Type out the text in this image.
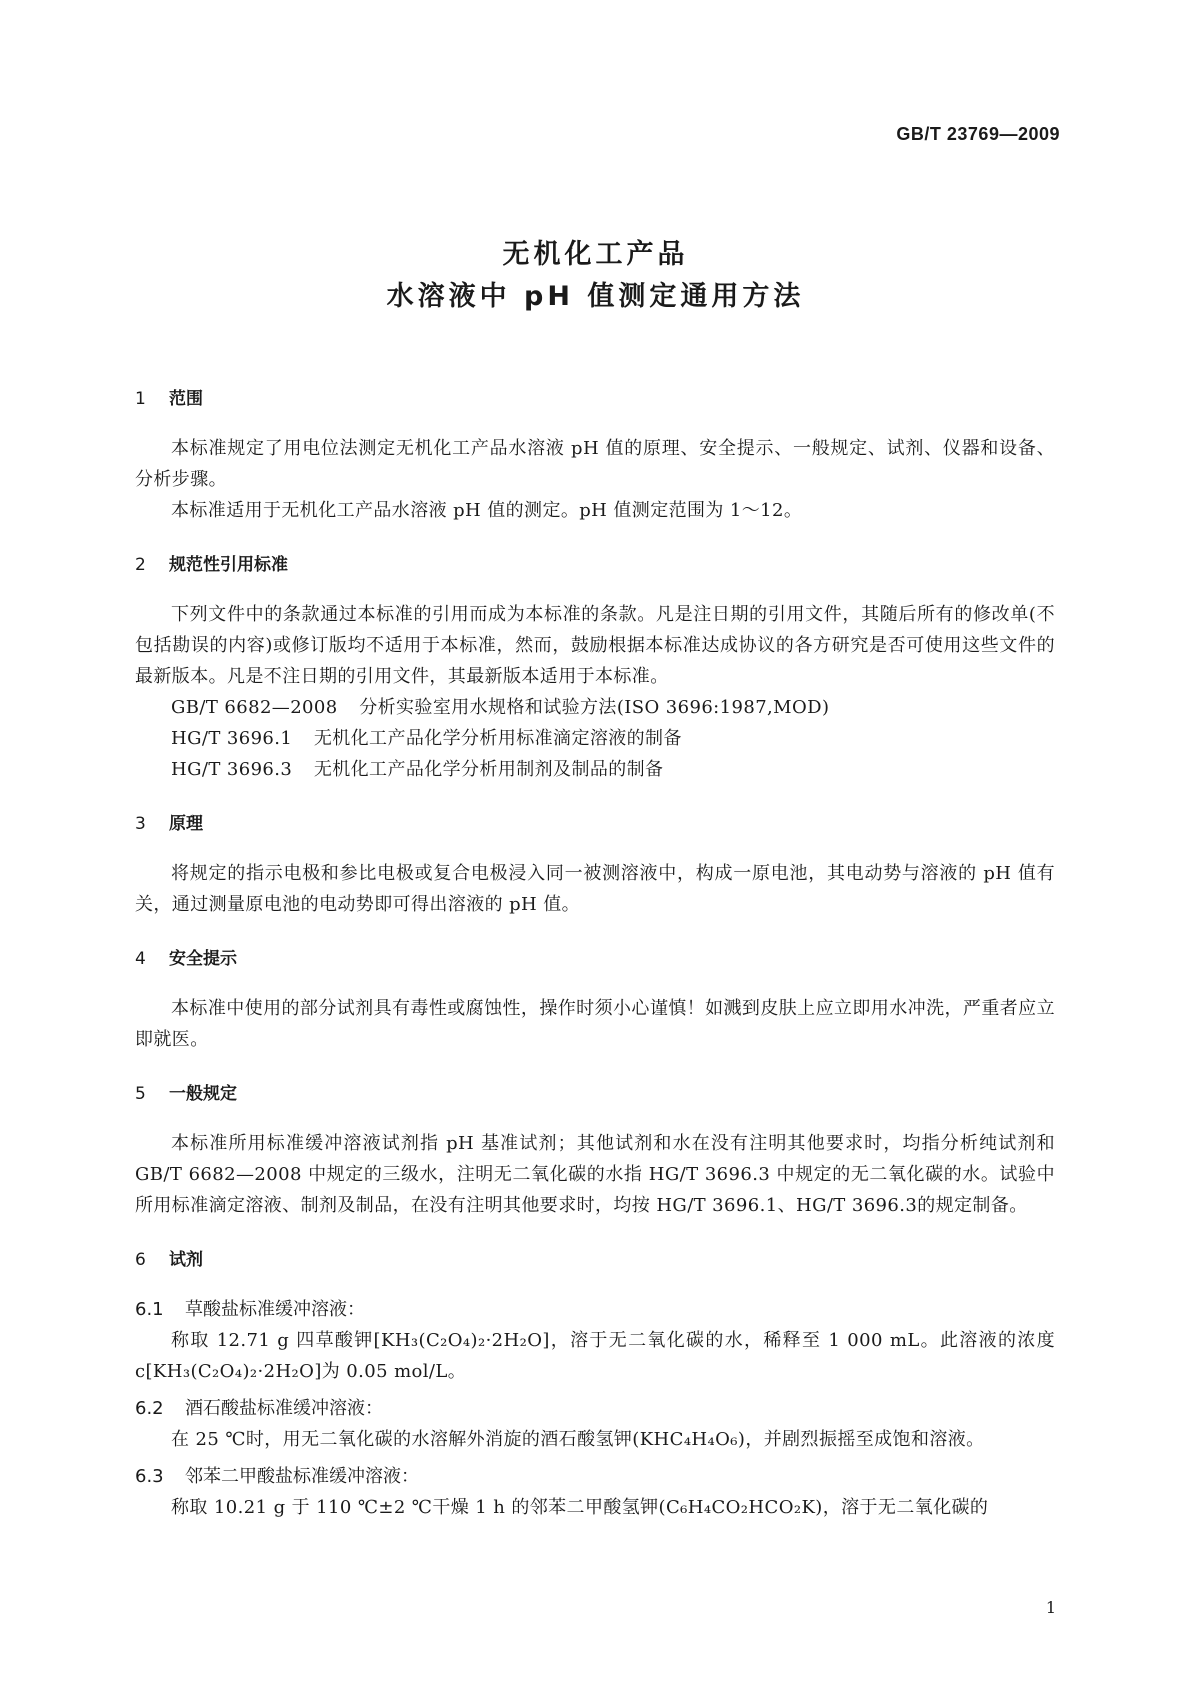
GB/T 23769—2009
无机化工产品
水溶液中 pH 值测定通用方法
1 范围

本标准规定了用电位法测定无机化工产品水溶液 pH 值的原理、安全提示、一般规定、试剂、仪器和设备、分析步骤。

本标准适用于无机化工产品水溶液 pH 值的测定。pH 值测定范围为 1～12。

2 规范性引用标准

下列文件中的条款通过本标准的引用而成为本标准的条款。凡是注日期的引用文件，其随后所有的修改单(不包括勘误的内容)或修订版均不适用于本标准，然而，鼓励根据本标准达成协议的各方研究是否可使用这些文件的最新版本。凡是不注日期的引用文件，其最新版本适用于本标准。

GB/T 6682—2008 分析实验室用水规格和试验方法(ISO 3696:1987,MOD)
HG/T 3696.1 无机化工产品化学分析用标准滴定溶液的制备
HG/T 3696.3 无机化工产品化学分析用制剂及制品的制备
3 原理

将规定的指示电极和参比电极或复合电极浸入同一被测溶液中，构成一原电池，其电动势与溶液的 pH 值有关，通过测量原电池的电动势即可得出溶液的 pH 值。

4 安全提示

本标准中使用的部分试剂具有毒性或腐蚀性，操作时须小心谨慎！如溅到皮肤上应立即用水冲洗，严重者应立即就医。

5 一般规定

本标准所用标准缓冲溶液试剂指 pH 基准试剂；其他试剂和水在没有注明其他要求时，均指分析纯试剂和 GB/T 6682—2008 中规定的三级水，注明无二氧化碳的水指 HG/T 3696.3 中规定的无二氧化碳的水。试验中所用标准滴定溶液、制剂及制品，在没有注明其他要求时，均按 HG/T 3696.1、HG/T 3696.3的规定制备。

6 试剂
6.1 草酸盐标准缓冲溶液：

称取 12.71 g 四草酸钾[KH₃(C₂O₄)₂·2H₂O]，溶于无二氧化碳的水，稀释至 1 000 mL。此溶液的浓度 c[KH₃(C₂O₄)₂·2H₂O]为 0.05 mol/L。

6.2 酒石酸盐标准缓冲溶液：

在 25 ℃时，用无二氧化碳的水溶解外消旋的酒石酸氢钾(KHC₄H₄O₆)，并剧烈振摇至成饱和溶液。

6.3 邻苯二甲酸盐标准缓冲溶液：

称取 10.21 g 于 110 ℃±2 ℃干燥 1 h 的邻苯二甲酸氢钾(C₆H₄CO₂HCO₂K)，溶于无二氧化碳的

1
